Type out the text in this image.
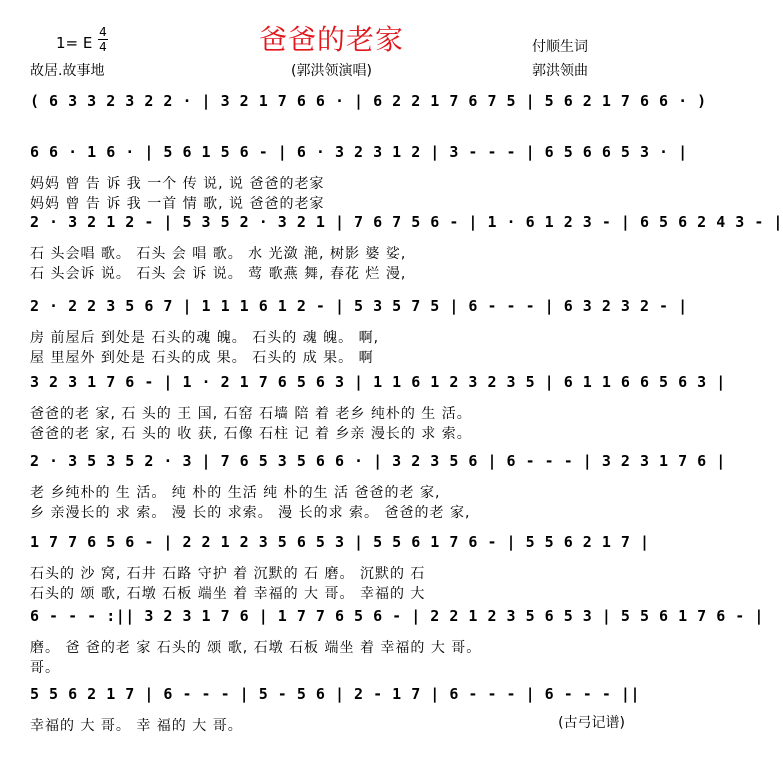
爸爸的老家
1= E
4
4	付顺生词
故居.故事地	(郭洪领演唱)	郭洪领曲
( 6 3 3 2 3 2 2 · | 3 2 1 7 6 6 · | 6 2 2 1 7 6 7 5 | 5 6 2 1 7 6 6 · )
6 6 · 1 6 · | 5 6 1 5 6 - | 6 · 3 2 3 1 2 | 3 - - - | 6 5 6 6 5 3 · |
妈妈 曾 告 诉 我 一个 传 说, 说 爸爸的老家
妈妈 曾 告 诉 我 一首 情 歌, 说 爸爸的老家
2 · 3 2 1 2 - | 5 3 5 2 · 3 2 1 | 7 6 7 5 6 - | 1 · 6 1 2 3 - | 6 5 6 2 4 3 - |
石 头会唱 歌。 石头 会 唱 歌。 水 光潋 滟, 树影 婆 娑,
石 头会诉 说。 石头 会 诉 说。 莺 歌燕 舞, 春花 烂 漫,
2 · 2 2 3 5 6 7 | 1 1 1 6 1 2 - | 5 3 5 7 5 | 6 - - - | 6 3 2 3 2 - |
房 前屋后 到处是 石头的魂 魄。 石头的 魂 魄。 啊,
屋 里屋外 到处是 石头的成 果。 石头的 成 果。 啊
3 2 3 1 7 6 - | 1 · 2 1 7 6 5 6 3 | 1 1 6 1 2 3 2 3 5 | 6 1 1 6 6 5 6 3 |
爸爸的老 家, 石 头的 王 国, 石窑 石墙 陪 着 老乡 纯朴的 生 活。
爸爸的老 家, 石 头的 收 获, 石像 石柱 记 着 乡亲 漫长的 求 索。
2 · 3 5 3 5 2 · 3 | 7 6 5 3 5 6 6 · | 3 2 3 5 6 | 6 - - - | 3 2 3 1 7 6 |
老 乡纯朴的 生 活。 纯 朴的 生活 纯 朴的生 活 爸爸的老 家,
乡 亲漫长的 求 索。 漫 长的 求索。 漫 长的求 索。 爸爸的老 家,
1 7 7 6 5 6 - | 2 2 1 2 3 5 6 5 3 | 5 5 6 1 7 6 - | 5 5 6 2 1 7 |
石头的 沙 窝, 石井 石路 守护 着 沉默的 石 磨。 沉默的 石
石头的 颂 歌, 石墩 石板 端坐 着 幸福的 大 哥。 幸福的 大
6 - - - :|| 3 2 3 1 7 6 | 1 7 7 6 5 6 - | 2 2 1 2 3 5 6 5 3 | 5 5 6 1 7 6 - |
磨。 爸 爸的老 家 石头的 颂 歌, 石墩 石板 端坐 着 幸福的 大 哥。
哥。
5 5 6 2 1 7 | 6 - - - | 5 - 5 6 | 2 - 1 7 | 6 - - - | 6 - - - ||
幸福的 大 哥。 幸 福的 大 哥。	(古弓记谱)
